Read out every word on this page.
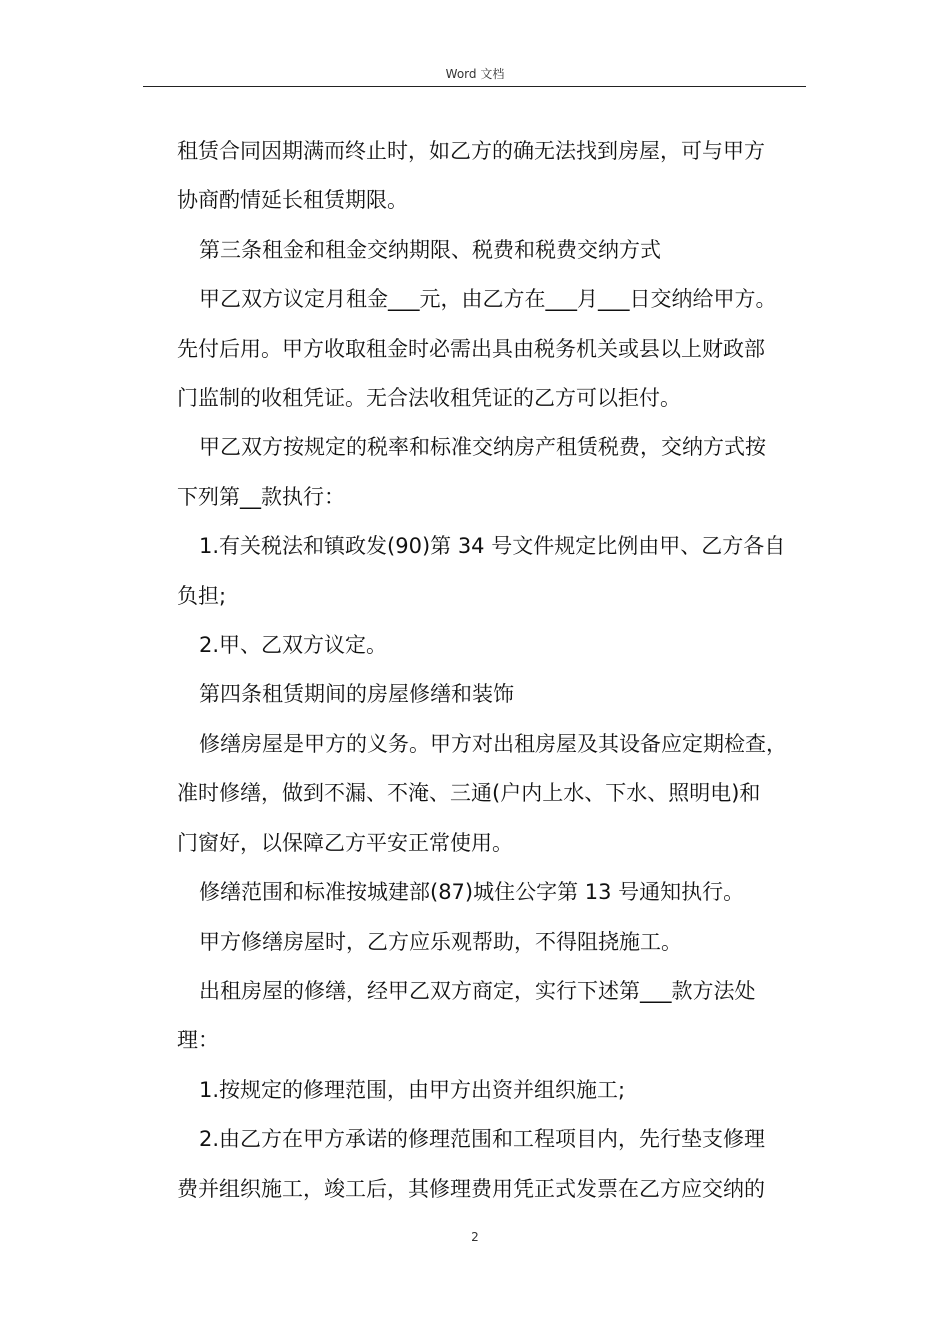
Word 文档

租赁合同因期满而终止时，如乙方的确无法找到房屋，可与甲方

协商酌情延长租赁期限。

第三条租金和租金交纳期限、税费和税费交纳方式

甲乙双方议定月租金___元，由乙方在___月___日交纳给甲方。

先付后用。甲方收取租金时必需出具由税务机关或县以上财政部

门监制的收租凭证。无合法收租凭证的乙方可以拒付。

甲乙双方按规定的税率和标准交纳房产租赁税费，交纳方式按

下列第__款执行：

1.有关税法和镇政发(90)第 34 号文件规定比例由甲、乙方各自

负担;

2.甲、乙双方议定。

第四条租赁期间的房屋修缮和装饰

修缮房屋是甲方的义务。甲方对出租房屋及其设备应定期检查，

准时修缮，做到不漏、不淹、三通(户内上水、下水、照明电)和

门窗好，以保障乙方平安正常使用。

修缮范围和标准按城建部(87)城住公字第 13 号通知执行。

甲方修缮房屋时，乙方应乐观帮助，不得阻挠施工。

出租房屋的修缮，经甲乙双方商定，实行下述第___款方法处

理：

1.按规定的修理范围，由甲方出资并组织施工;

2.由乙方在甲方承诺的修理范围和工程项目内，先行垫支修理

费并组织施工，竣工后，其修理费用凭正式发票在乙方应交纳的

2
